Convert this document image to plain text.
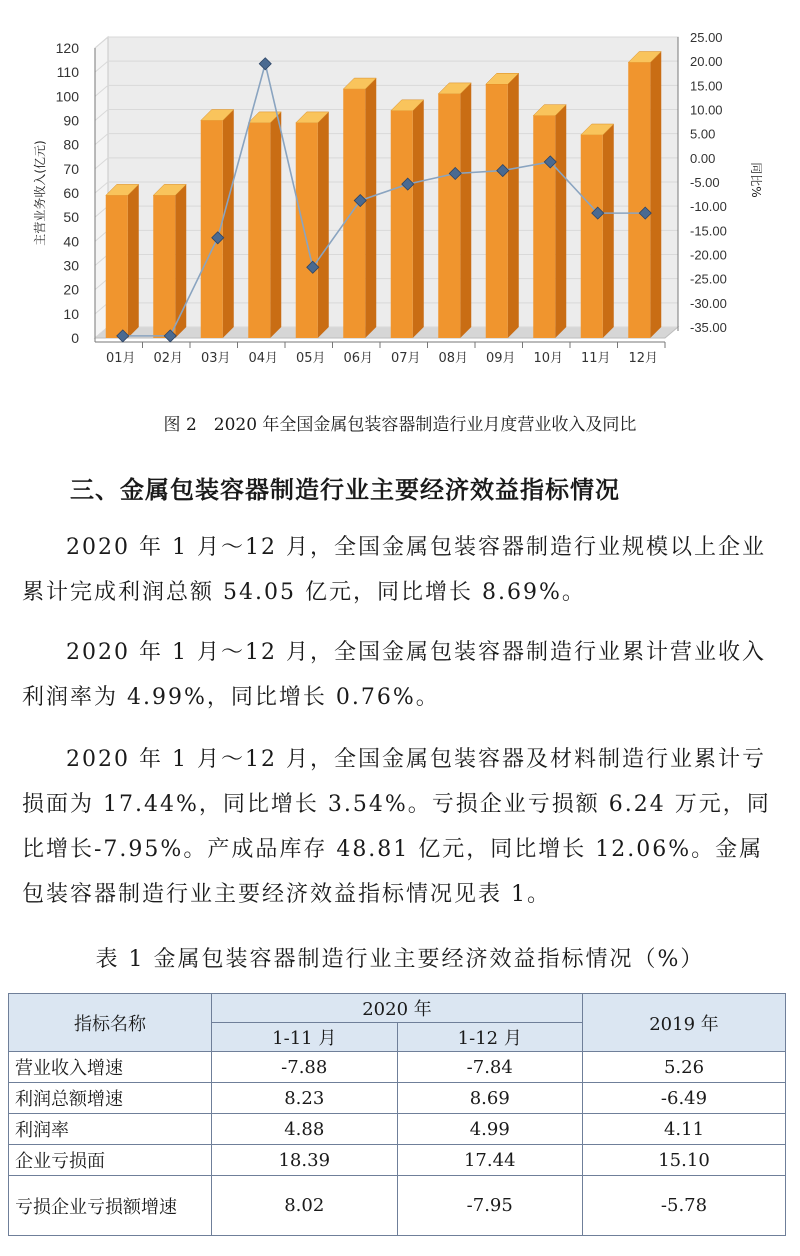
0
10
20
30
40
50
60
70
80
90
100
110
120
25.00
20.00
15.00
10.00
5.00
0.00
-5.00
-10.00
-15.00
-20.00
-25.00
-30.00
-35.00
01月 02月 03月 04月 05月 06月 07月 08月 09月 10月 11月 12月
主营业务收入(亿元)	同比%
图 2　2020 年全国金属包装容器制造行业月度营业收入及同比
三、金属包装容器制造行业主要经济效益指标情况

2020 年 1 月～12 月，全国金属包装容器制造行业规模以上企业累计完成利润总额 54.05 亿元，同比增长 8.69%。

2020 年 1 月～12 月，全国金属包装容器制造行业累计营业收入利润率为 4.99%，同比增长 0.76%。

2020 年 1 月～12 月，全国金属包装容器及材料制造行业累计亏损面为 17.44%，同比增长 3.54%。亏损企业亏损额 6.24 万元，同比增长-7.95%。产成品库存 48.81 亿元，同比增长 12.06%。金属包装容器制造行业主要经济效益指标情况见表 1。

表 1 金属包装容器制造行业主要经济效益指标情况（%）
指标名称	2020 年		2019 年
	1-11 月	1-12 月	
营业收入增速	-7.88	-7.84	5.26
利润总额增速	8.23	8.69	-6.49
利润率	4.88	4.99	4.11
企业亏损面	18.39	17.44	15.10
亏损企业亏损额增速	8.02	-7.95	-5.78
